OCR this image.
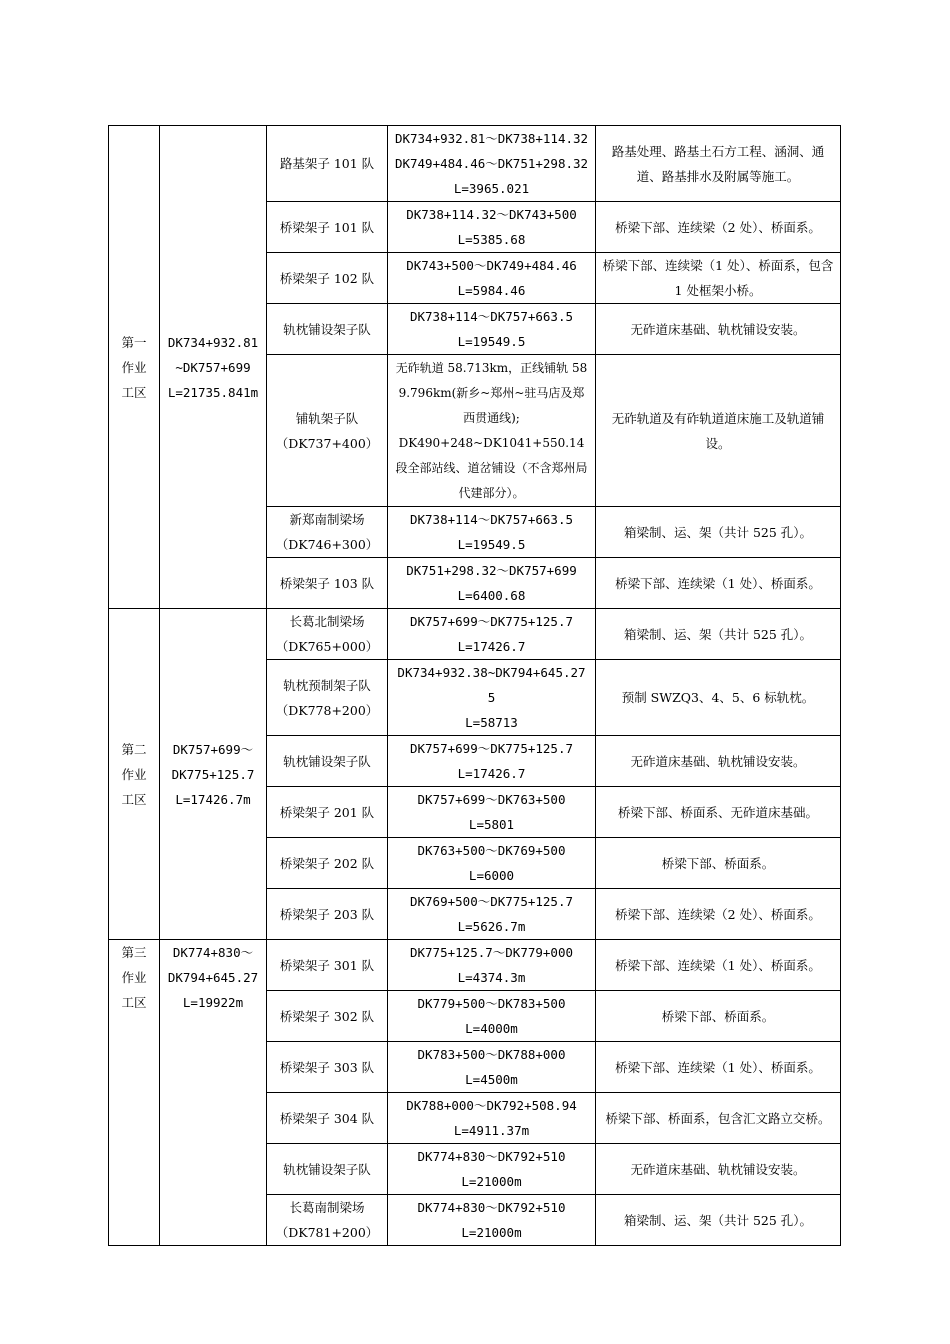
第一
作业
工区	DK734+932.81
~DK757+699
L=21735.841m	路基架子 101 队	DK734+932.81～DK738+114.32
DK749+484.46～DK751+298.32
L=3965.021	路基处理、路基土石方工程、涵洞、通道、路基排水及附属等施工。
		桥梁架子 101 队	DK738+114.32～DK743+500
L=5385.68	桥梁下部、连续梁（2 处）、桥面系。
		桥梁架子 102 队	DK743+500～DK749+484.46
L=5984.46	桥梁下部、连续梁（1 处）、桥面系，包含 1 处框架小桥。
		轨枕铺设架子队	DK738+114～DK757+663.5
L=19549.5	无砟道床基础、轨枕铺设安装。
		铺轨架子队
（DK737+400）	无砟轨道 58.713km，正线铺轨 589.796km(新乡~郑州~驻马店及郑西贯通线);
DK490+248~DK1041+550.14 段全部站线、道岔铺设（不含郑州局代建部分）。	无砟轨道及有砟轨道道床施工及轨道铺设。
		新郑南制梁场
（DK746+300）	DK738+114～DK757+663.5
L=19549.5	箱梁制、运、架（共计 525 孔）。
		桥梁架子 103 队	DK751+298.32～DK757+699
L=6400.68	桥梁下部、连续梁（1 处）、桥面系。
第二
作业
工区	DK757+699～
DK775+125.7
L=17426.7m	长葛北制梁场
（DK765+000）	DK757+699～DK775+125.7
L=17426.7	箱梁制、运、架（共计 525 孔）。
		轨枕预制架子队
（DK778+200）	DK734+932.38~DK794+645.275
L=58713	预制 SWZQ3、4、5、6 标轨枕。
		轨枕铺设架子队	DK757+699～DK775+125.7
L=17426.7	无砟道床基础、轨枕铺设安装。
		桥梁架子 201 队	DK757+699～DK763+500
L=5801	桥梁下部、桥面系、无砟道床基础。
		桥梁架子 202 队	DK763+500～DK769+500
L=6000	桥梁下部、桥面系。
		桥梁架子 203 队	DK769+500～DK775+125.7
L=5626.7m	桥梁下部、连续梁（2 处）、桥面系。
第三
作业
工区	DK774+830～
DK794+645.27
L=19922m	桥梁架子 301 队	DK775+125.7～DK779+000
L=4374.3m	桥梁下部、连续梁（1 处）、桥面系。
		桥梁架子 302 队	DK779+500～DK783+500
L=4000m	桥梁下部、桥面系。
		桥梁架子 303 队	DK783+500～DK788+000
L=4500m	桥梁下部、连续梁（1 处）、桥面系。
		桥梁架子 304 队	DK788+000～DK792+508.94
L=4911.37m	桥梁下部、桥面系，包含汇文路立交桥。
		轨枕铺设架子队	DK774+830～DK792+510
L=21000m	无砟道床基础、轨枕铺设安装。
		长葛南制梁场
（DK781+200）	DK774+830～DK792+510
L=21000m	箱梁制、运、架（共计 525 孔）。
